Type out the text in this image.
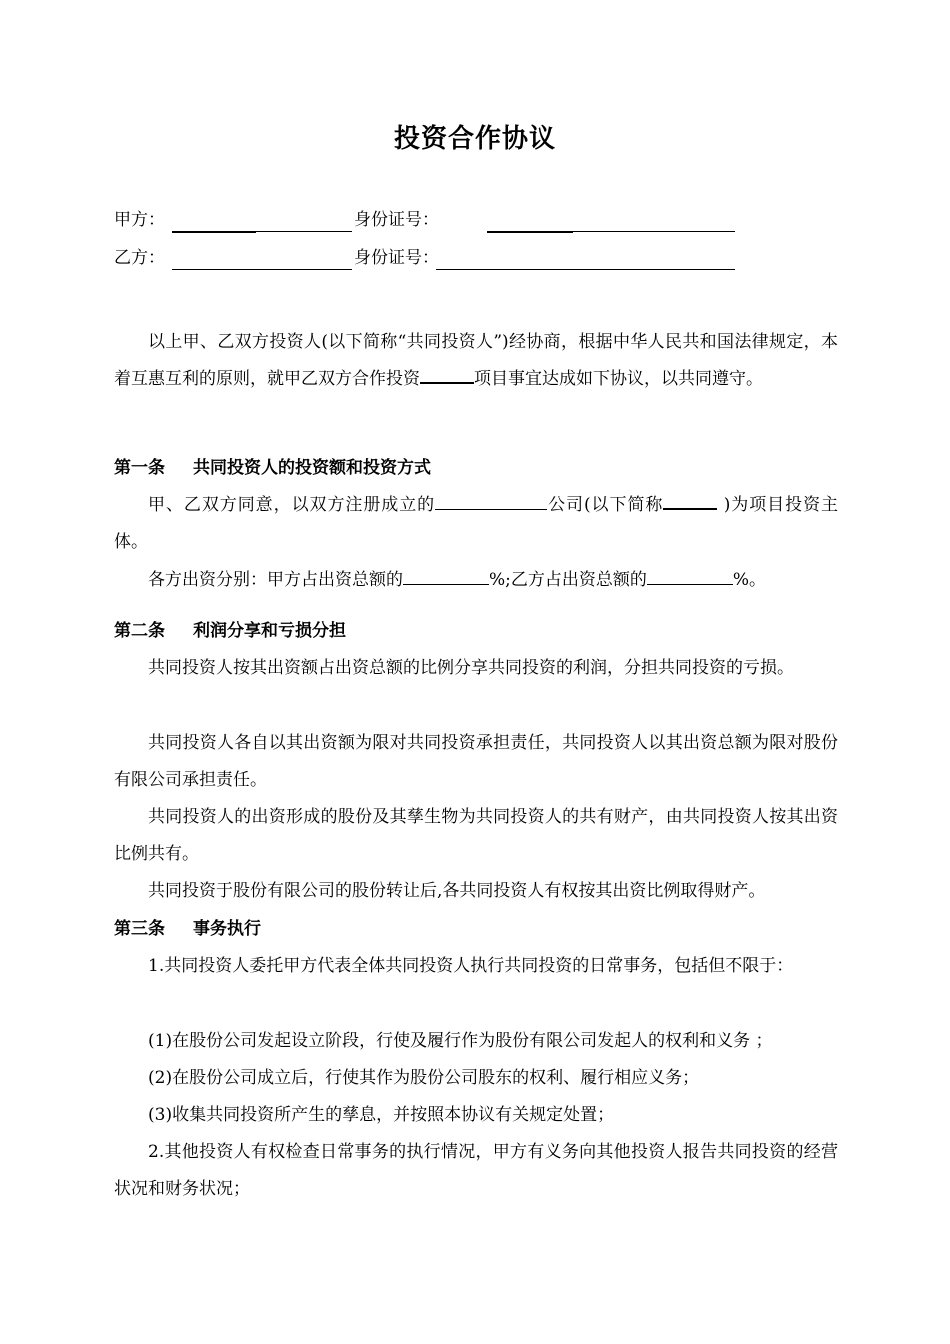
投资合作协议
甲方：	身份证号：
乙方：	身份证号：
以上甲、乙双方投资人(以下简称“共同投资人”)经协商，根据中华人民共和国法律规定，本着互惠互利的原则，就甲乙双方合作投资	项目事宜达成如下协议，以共同遵守。
第一条 共同投资人的投资额和投资方式
甲、乙双方同意，以双方注册成立的	公司(以下简称	)为项目投资主体。
各方出资分别：甲方占出资总额的	%;乙方占出资总额的	%。
第二条 利润分享和亏损分担
共同投资人按其出资额占出资总额的比例分享共同投资的利润，分担共同投资的亏损。
共同投资人各自以其出资额为限对共同投资承担责任，共同投资人以其出资总额为限对股份有限公司承担责任。
共同投资人的出资形成的股份及其孳生物为共同投资人的共有财产，由共同投资人按其出资比例共有。
共同投资于股份有限公司的股份转让后,各共同投资人有权按其出资比例取得财产。
第三条 事务执行
1.共同投资人委托甲方代表全体共同投资人执行共同投资的日常事务，包括但不限于：
(1)在股份公司发起设立阶段，行使及履行作为股份有限公司发起人的权利和义务 ；
(2)在股份公司成立后，行使其作为股份公司股东的权利、履行相应义务；
(3)收集共同投资所产生的孳息，并按照本协议有关规定处置；
2.其他投资人有权检查日常事务的执行情况，甲方有义务向其他投资人报告共同投资的经营状况和财务状况；
